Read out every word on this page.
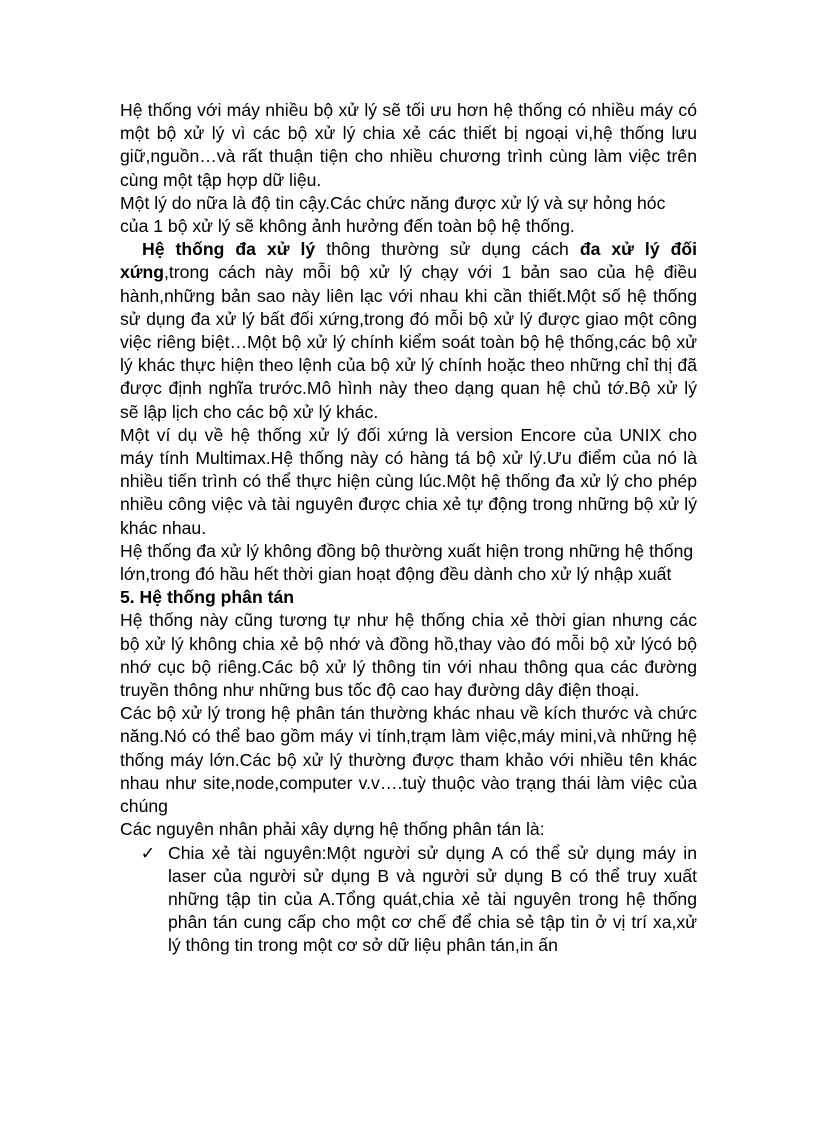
Hệ thống với máy nhiều bộ xử lý sẽ tối ưu hơn hệ thống có nhiều máy có một bộ xử lý vì các bộ xử lý chia xẻ các thiết bị ngoại vi,hệ thống lưu giữ,nguồn…và rất thuận tiện cho nhiều chương trình cùng làm việc trên cùng một tập hợp dữ liệu.

Một lý do nữa là độ tin cậy.Các chức năng được xử lý và sự hỏng hóc của 1 bộ xử lý sẽ không ảnh hưởng đến toàn bộ hệ thống.

Hệ thống đa xử lý thông thường sử dụng cách đa xử lý đối xứng,trong cách này mỗi bộ xử lý chạy với 1 bản sao của hệ điều hành,những bản sao này liên lạc với nhau khi cần thiết.Một số hệ thống sử dụng đa xử lý bất đối xứng,trong đó mỗi bộ xử lý được giao một công việc riêng biệt…Một bộ xử lý chính kiểm soát toàn bộ hệ thống,các bộ xử lý khác thực hiện theo lệnh của bộ xử lý chính hoặc theo những chỉ thị đã được định nghĩa trước.Mô hình này theo dạng quan hệ chủ tớ.Bộ xử lý sẽ lập lịch cho các bộ xử lý khác.

Một ví dụ về hệ thống xử lý đối xứng là version Encore của UNIX cho máy tính Multimax.Hệ thống này có hàng tá bộ xử lý.Ưu điểm của nó là nhiều tiến trình có thể thực hiện cùng lúc.Một hệ thống đa xử lý cho phép nhiều công việc và tài nguyên được chia xẻ tự động trong những bộ xử lý khác nhau.

Hệ thống đa xử lý không đồng bộ thường xuất hiện trong những hệ thống lớn,trong đó hầu hết thời gian hoạt động đều dành cho xử lý nhập xuất

5. Hệ thống phân tán

Hệ thống này cũng tương tự như hệ thống chia xẻ thời gian nhưng các bộ xử lý không chia xẻ bộ nhớ và đồng hồ,thay vào đó mỗi bộ xử lýcó bộ nhớ cục bộ riêng.Các bộ xử lý thông tin với nhau thông qua các đường truyền thông như những bus tốc độ cao hay đường dây điện thoại.

Các bộ xử lý trong hệ phân tán thường khác nhau về kích thước và chức năng.Nó có thể bao gồm máy vi tính,trạm làm việc,máy mini,và những hệ thống máy lớn.Các bộ xử lý thường được tham khảo với nhiều tên khác nhau như site,node,computer v.v….tuỳ thuộc vào trạng thái làm việc của chúng

Các nguyên nhân phải xây dựng hệ thống phân tán là:

✓ Chia xẻ tài nguyên:Một người sử dụng A có thể sử dụng máy in laser của người sử dụng B và người sử dụng B có thể truy xuất những tập tin của A.Tổng quát,chia xẻ tài nguyên trong hệ thống phân tán cung cấp cho một cơ chế để chia sẻ tập tin ở vị trí xa,xử lý thông tin trong một cơ sở dữ liệu phân tán,in ấn
